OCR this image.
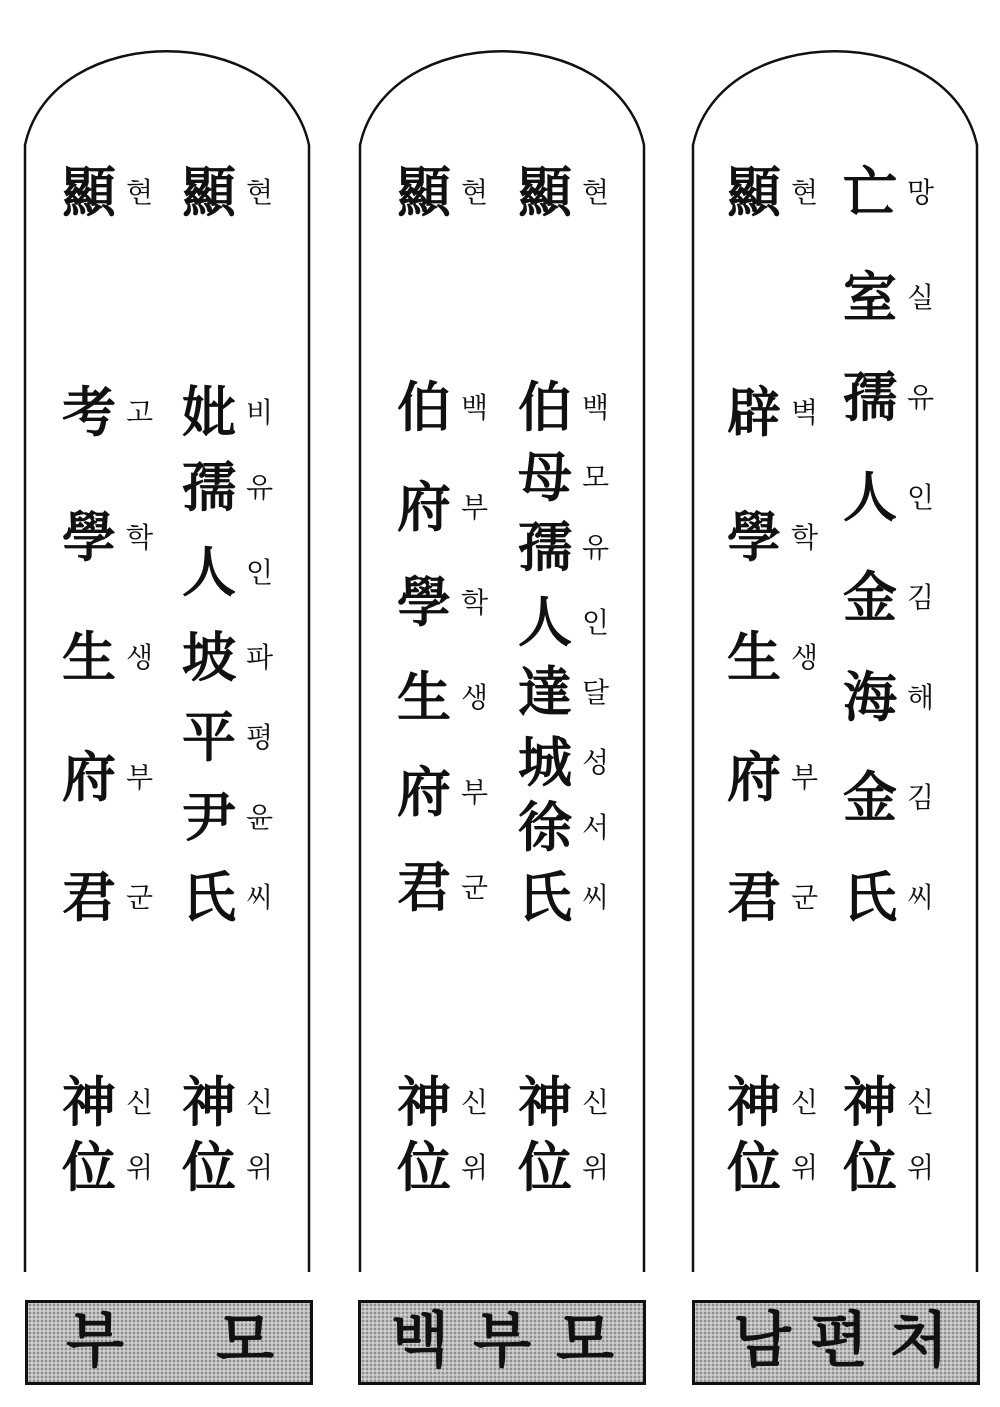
顯 현
考 고
學 학
生 생
府 부
君 군
神 신
位 위
顯 현
妣 비
孺 유
人 인
坡 파
平 평
尹 윤
氏 씨
神 신
位 위
顯 현
伯 백
府 부
學 학
生 생
府 부
君 군
神 신
位 위
顯 현
伯 백
母 모
孺 유
人 인
達 달
城 성
徐 서
氏 씨
神 신
位 위
顯 현
辟 벽
學 학
生 생
府 부
君 군
神 신
位 위
亡 망
室 실
孺 유
人 인
金 김
海 해
金 김
氏 씨
神 신
位 위
부 모 백 부 모 남 편 처
